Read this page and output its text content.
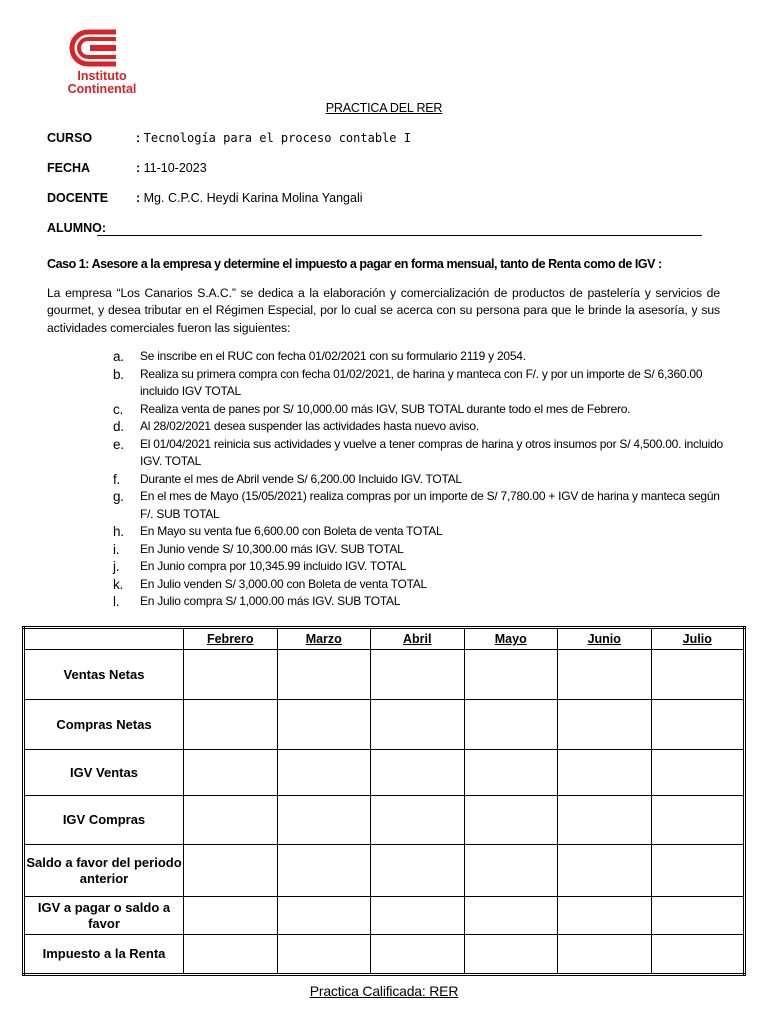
Instituto
Continental
PRACTICA DEL RER
CURSO	: Tecnología para el proceso contable I
FECHA	: 11-10-2023
DOCENTE : Mg. C.P.C. Heydi Karina Molina Yangali
ALUMNO:
Caso 1: Asesore a la empresa y determine el impuesto a pagar en forma mensual, tanto de Renta como de IGV :
La empresa “Los Canarios S.A.C.” se dedica a la elaboración y comercialización de productos de pastelería y servicios de gourmet, y desea tributar en el Régimen Especial, por lo cual se acerca con su persona para que le brinde la asesoría, y sus actividades comerciales fueron las siguientes:
a. Se inscribe en el RUC con fecha 01/02/2021 con su formulario 2119 y 2054.
b. Realiza su primera compra con fecha 01/02/2021, de harina y manteca con F/. y por un importe de S/ 6,360.00 incluido IGV TOTAL
c. Realiza venta de panes por S/ 10,000.00 más IGV, SUB TOTAL durante todo el mes de Febrero.
d. Al 28/02/2021 desea suspender las actividades hasta nuevo aviso.
e. El 01/04/2021 reinicia sus actividades y vuelve a tener compras de harina y otros insumos por S/ 4,500.00. incluido IGV. TOTAL
f. Durante el mes de Abril vende S/ 6,200.00 Incluido IGV. TOTAL
g. En el mes de Mayo (15/05/2021) realiza compras por un importe de S/ 7,780.00 + IGV de harina y manteca según F/. SUB TOTAL
h. En Mayo su venta fue 6,600.00 con Boleta de venta TOTAL
i. En Junio vende S/ 10,300.00 más IGV. SUB TOTAL
j. En Junio compra por 10,345.99 incluido IGV. TOTAL
k. En Julio venden S/ 3,000.00 con Boleta de venta TOTAL
l. En Julio compra S/ 1,000.00 más IGV. SUB TOTAL
	Febrero	Marzo	Abril	Mayo	Junio	Julio
Ventas Netas						
Compras Netas						
IGV Ventas						
IGV Compras						
Saldo a favor del periodo anterior						
IGV a pagar o saldo a favor						
Impuesto a la Renta						
Practica Calificada: RER
